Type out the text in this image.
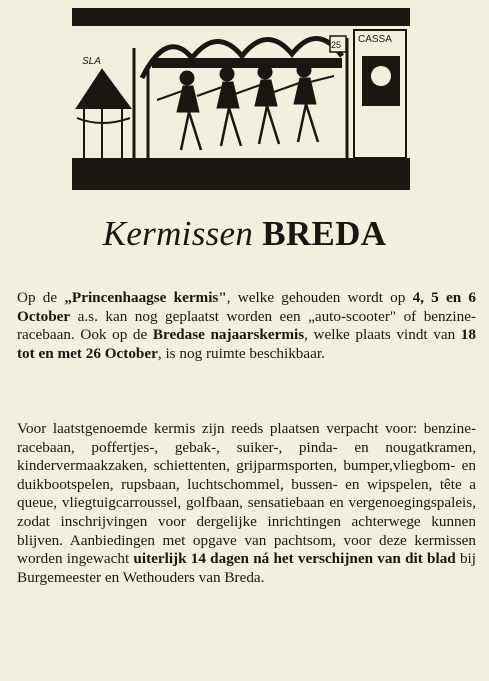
CASSA
25
SLA
Kermissen BREDA

Op de „Princenhaagse kermis", welke gehouden wordt op 4, 5 en 6 October a.s. kan nog geplaatst worden een „auto-scooter" of benzine-racebaan. Ook op de Bredase najaarskermis, welke plaats vindt van 18 tot en met 26 October, is nog ruimte beschikbaar.

Voor laatstgenoemde kermis zijn reeds plaatsen verpacht voor: benzine-racebaan, poffertjes-, gebak-, suiker-, pinda- en nougatkramen, kindervermaakzaken, schiettenten, grijparmsporten, bumper,vliegbom- en duikbootspelen, rupsbaan, luchtschommel, bussen- en wipspelen, tête a queue, vliegtuigcarroussel, golfbaan, sensatiebaan en vergenoegingspaleis, zodat inschrijvingen voor dergelijke inrichtingen achterwege kunnen blijven. Aanbiedingen met opgave van pachtsom, voor deze kermissen worden ingewacht uiterlijk 14 dagen ná het verschijnen van dit blad bij Burgemeester en Wethouders van Breda.
